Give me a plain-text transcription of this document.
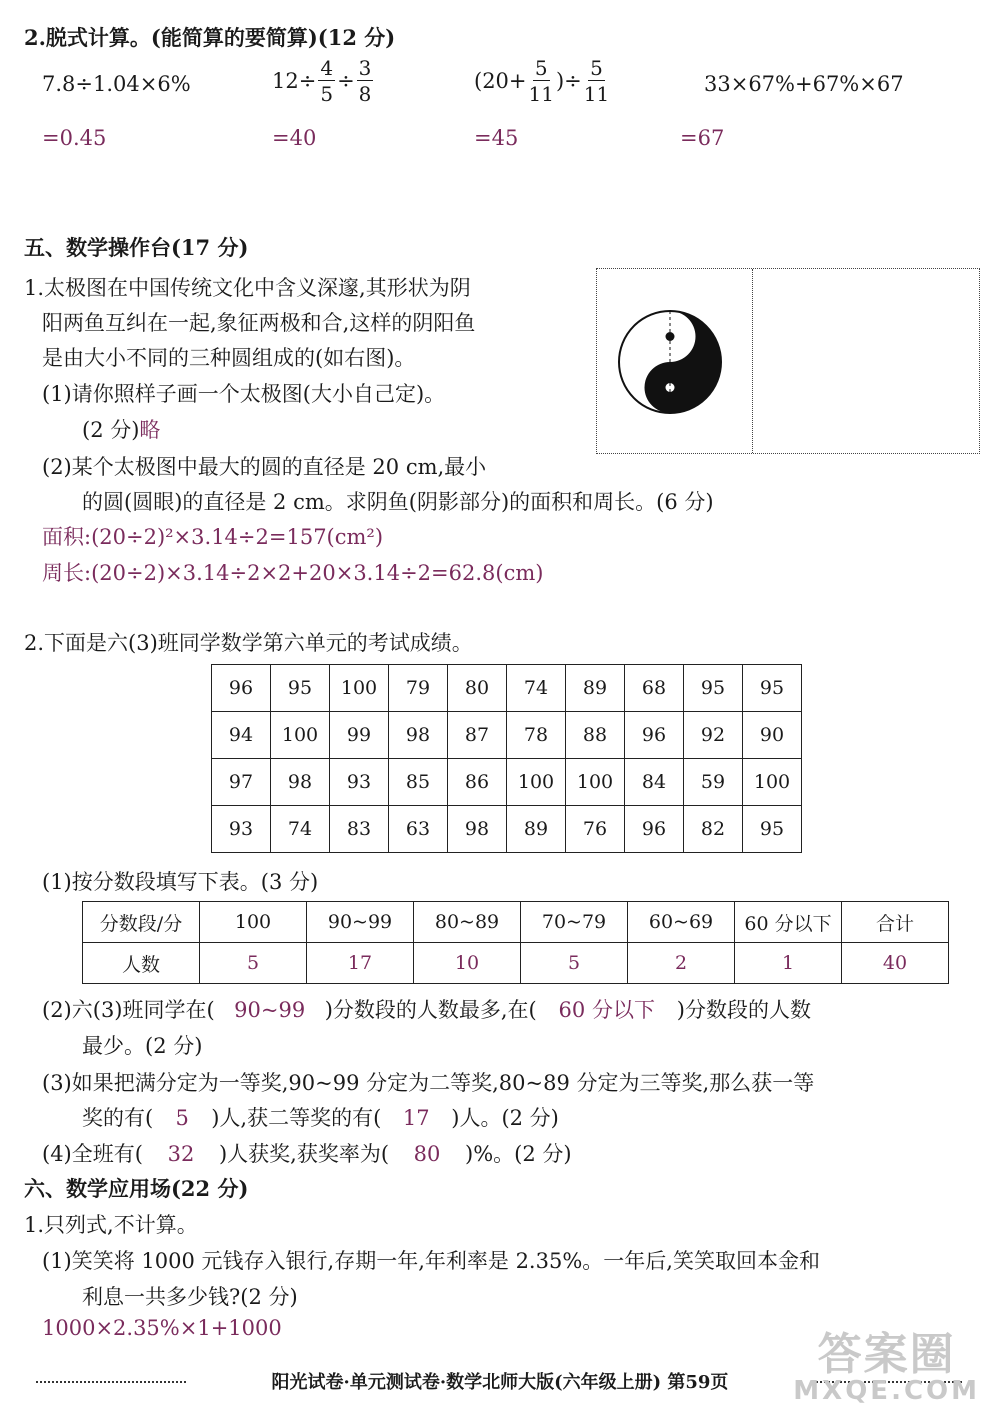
2.脱式计算。(能简算的要简算)(12 分)
7.8÷1.04×6%	$12\div \frac{4}{5} \div \frac{3}{8}$	($20+ \frac{5}{11}$ )÷ $\frac{5}{11}$	33×67%+67%×67
=0.45	=40	=45	=67
五、数学操作台(17 分)
1.太极图在中国传统文化中含义深邃,其形状为阴
阳两鱼互纠在一起,象征两极和合,这样的阴阳鱼
是由大小不同的三种圆组成的(如右图)。
(1)请你照样子画一个太极图(大小自己定)。
(2 分)略
(2)某个太极图中最大的圆的直径是 20 cm,最小
的圆(圆眼)的直径是 2 cm。求阴鱼(阴影部分)的面积和周长。(6 分)
面积:(20÷2)²×3.14÷2=157(cm²)
周长:(20÷2)×3.14÷2×2+20×3.14÷2=62.8(cm)
2.下面是六(3)班同学数学第六单元的考试成绩。
96	95	100	79	80	74	89	68	95	95
94	100	99	98	87	78	88	96	92	90
97	98	93	85	86	100	100	84	59	100
93	74	83	63	98	89	76	96	82	95
(1)按分数段填写下表。(3 分)
分数段/分	100	90~99	80~89	70~79	60~69	60 分以下	合计
人数	5	17	10	5	2	1	40
(2)六(3)班同学在( 90~99 )分数段的人数最多,在( 60 分以下 )分数段的人数
最少。(2 分)
(3)如果把满分定为一等奖,90~99 分定为二等奖,80~89 分定为三等奖,那么获一等
奖的有( 5 )人,获二等奖的有( 17 )人。(2 分)
(4)全班有( 32 )人获奖,获奖率为( 80 )%。(2 分)
六、数学应用场(22 分)
1.只列式,不计算。
(1)笑笑将 1000 元钱存入银行,存期一年,年利率是 2.35%。一年后,笑笑取回本金和
利息一共多少钱?(2 分)
1000×2.35%×1+1000
阳光试卷·单元测试卷·数学北师大版(六年级上册) 第59页
答案圈
MXQE.COM
